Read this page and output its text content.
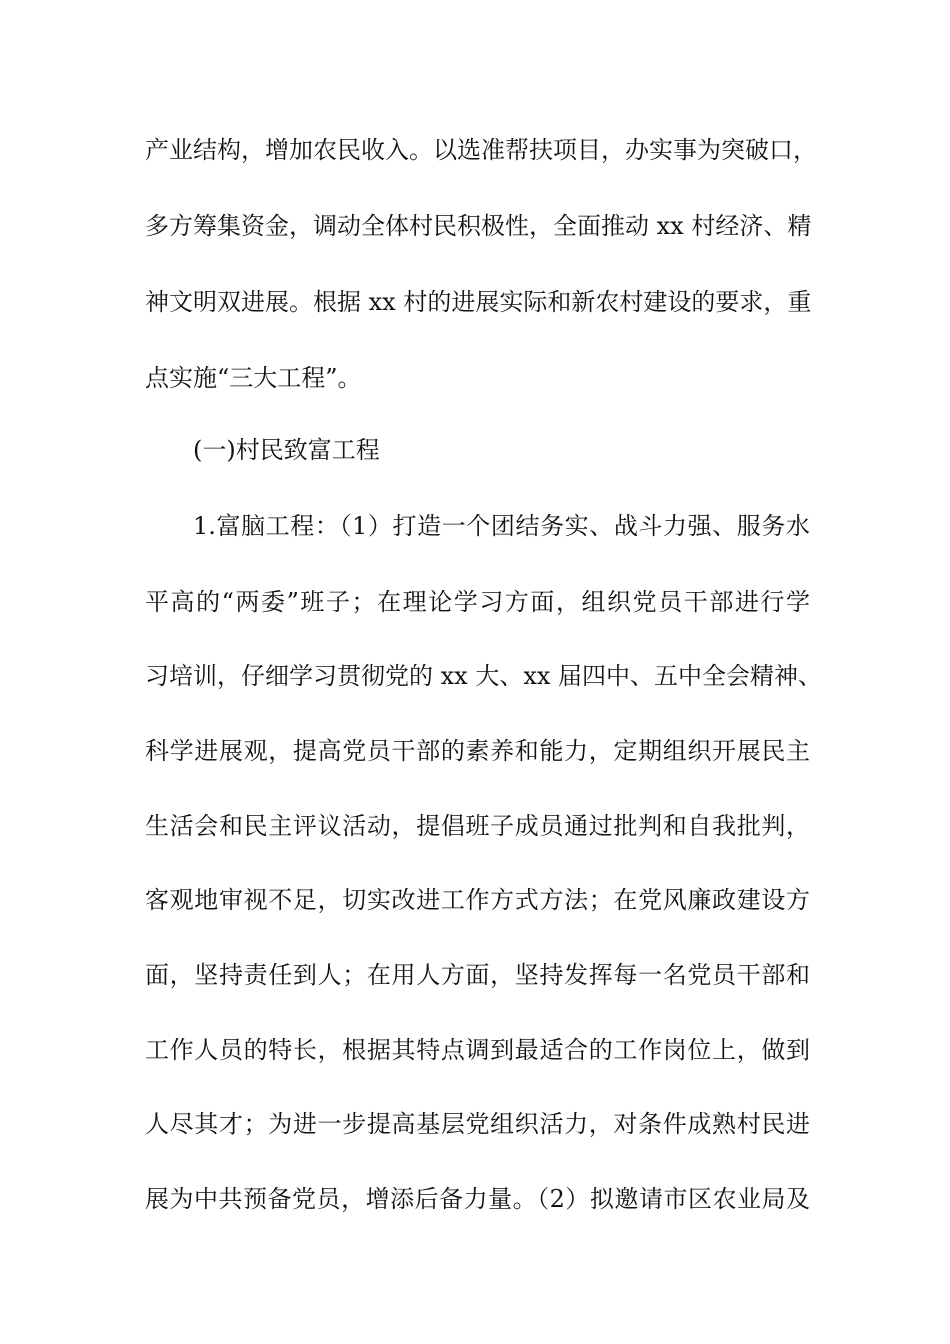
产业结构，增加农民收入。以选准帮扶项目，办实事为突破口，
多方筹集资金，调动全体村民积极性，全面推动 xx 村经济、精
神文明双进展。根据 xx 村的进展实际和新农村建设的要求，重
点实施“三大工程”。
(一)村民致富工程
1.富脑工程：（1）打造一个团结务实、战斗力强、服务水
平高的“两委”班子；在理论学习方面，组织党员干部进行学
习培训，仔细学习贯彻党的 xx 大、xx 届四中、五中全会精神、
科学进展观，提高党员干部的素养和能力，定期组织开展民主
生活会和民主评议活动，提倡班子成员通过批判和自我批判，
客观地审视不足，切实改进工作方式方法；在党风廉政建设方
面，坚持责任到人；在用人方面，坚持发挥每一名党员干部和
工作人员的特长，根据其特点调到最适合的工作岗位上，做到
人尽其才；为进一步提高基层党组织活力，对条件成熟村民进
展为中共预备党员，增添后备力量。（2）拟邀请市区农业局及
